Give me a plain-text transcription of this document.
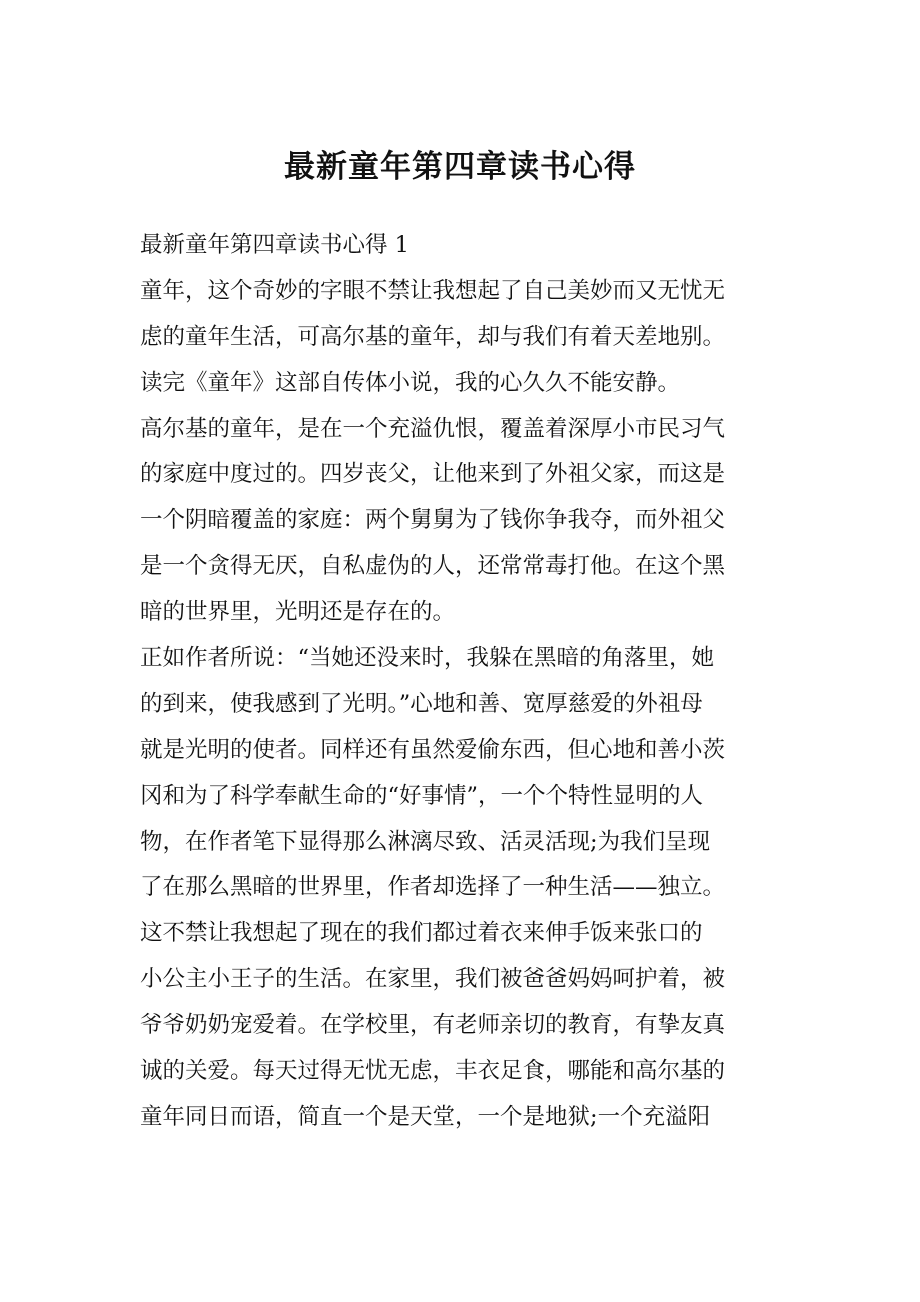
最新童年第四章读书心得
最新童年第四章读书心得 1
童年，这个奇妙的字眼不禁让我想起了自己美妙而又无忧无
虑的童年生活，可高尔基的童年，却与我们有着天差地别。
读完《童年》这部自传体小说，我的心久久不能安静。
高尔基的童年，是在一个充溢仇恨，覆盖着深厚小市民习气
的家庭中度过的。四岁丧父，让他来到了外祖父家，而这是
一个阴暗覆盖的家庭：两个舅舅为了钱你争我夺，而外祖父
是一个贪得无厌，自私虚伪的人，还常常毒打他。在这个黑
暗的世界里，光明还是存在的。
正如作者所说：“当她还没来时，我躲在黑暗的角落里，她
的到来，使我感到了光明。”心地和善、宽厚慈爱的外祖母
就是光明的使者。同样还有虽然爱偷东西，但心地和善小茨
冈和为了科学奉献生命的“好事情”，一个个特性显明的人
物，在作者笔下显得那么淋漓尽致、活灵活现;为我们呈现
了在那么黑暗的世界里，作者却选择了一种生活——独立。
这不禁让我想起了现在的我们都过着衣来伸手饭来张口的
小公主小王子的生活。在家里，我们被爸爸妈妈呵护着，被
爷爷奶奶宠爱着。在学校里，有老师亲切的教育，有挚友真
诚的关爱。每天过得无忧无虑，丰衣足食，哪能和高尔基的
童年同日而语，简直一个是天堂，一个是地狱;一个充溢阳
